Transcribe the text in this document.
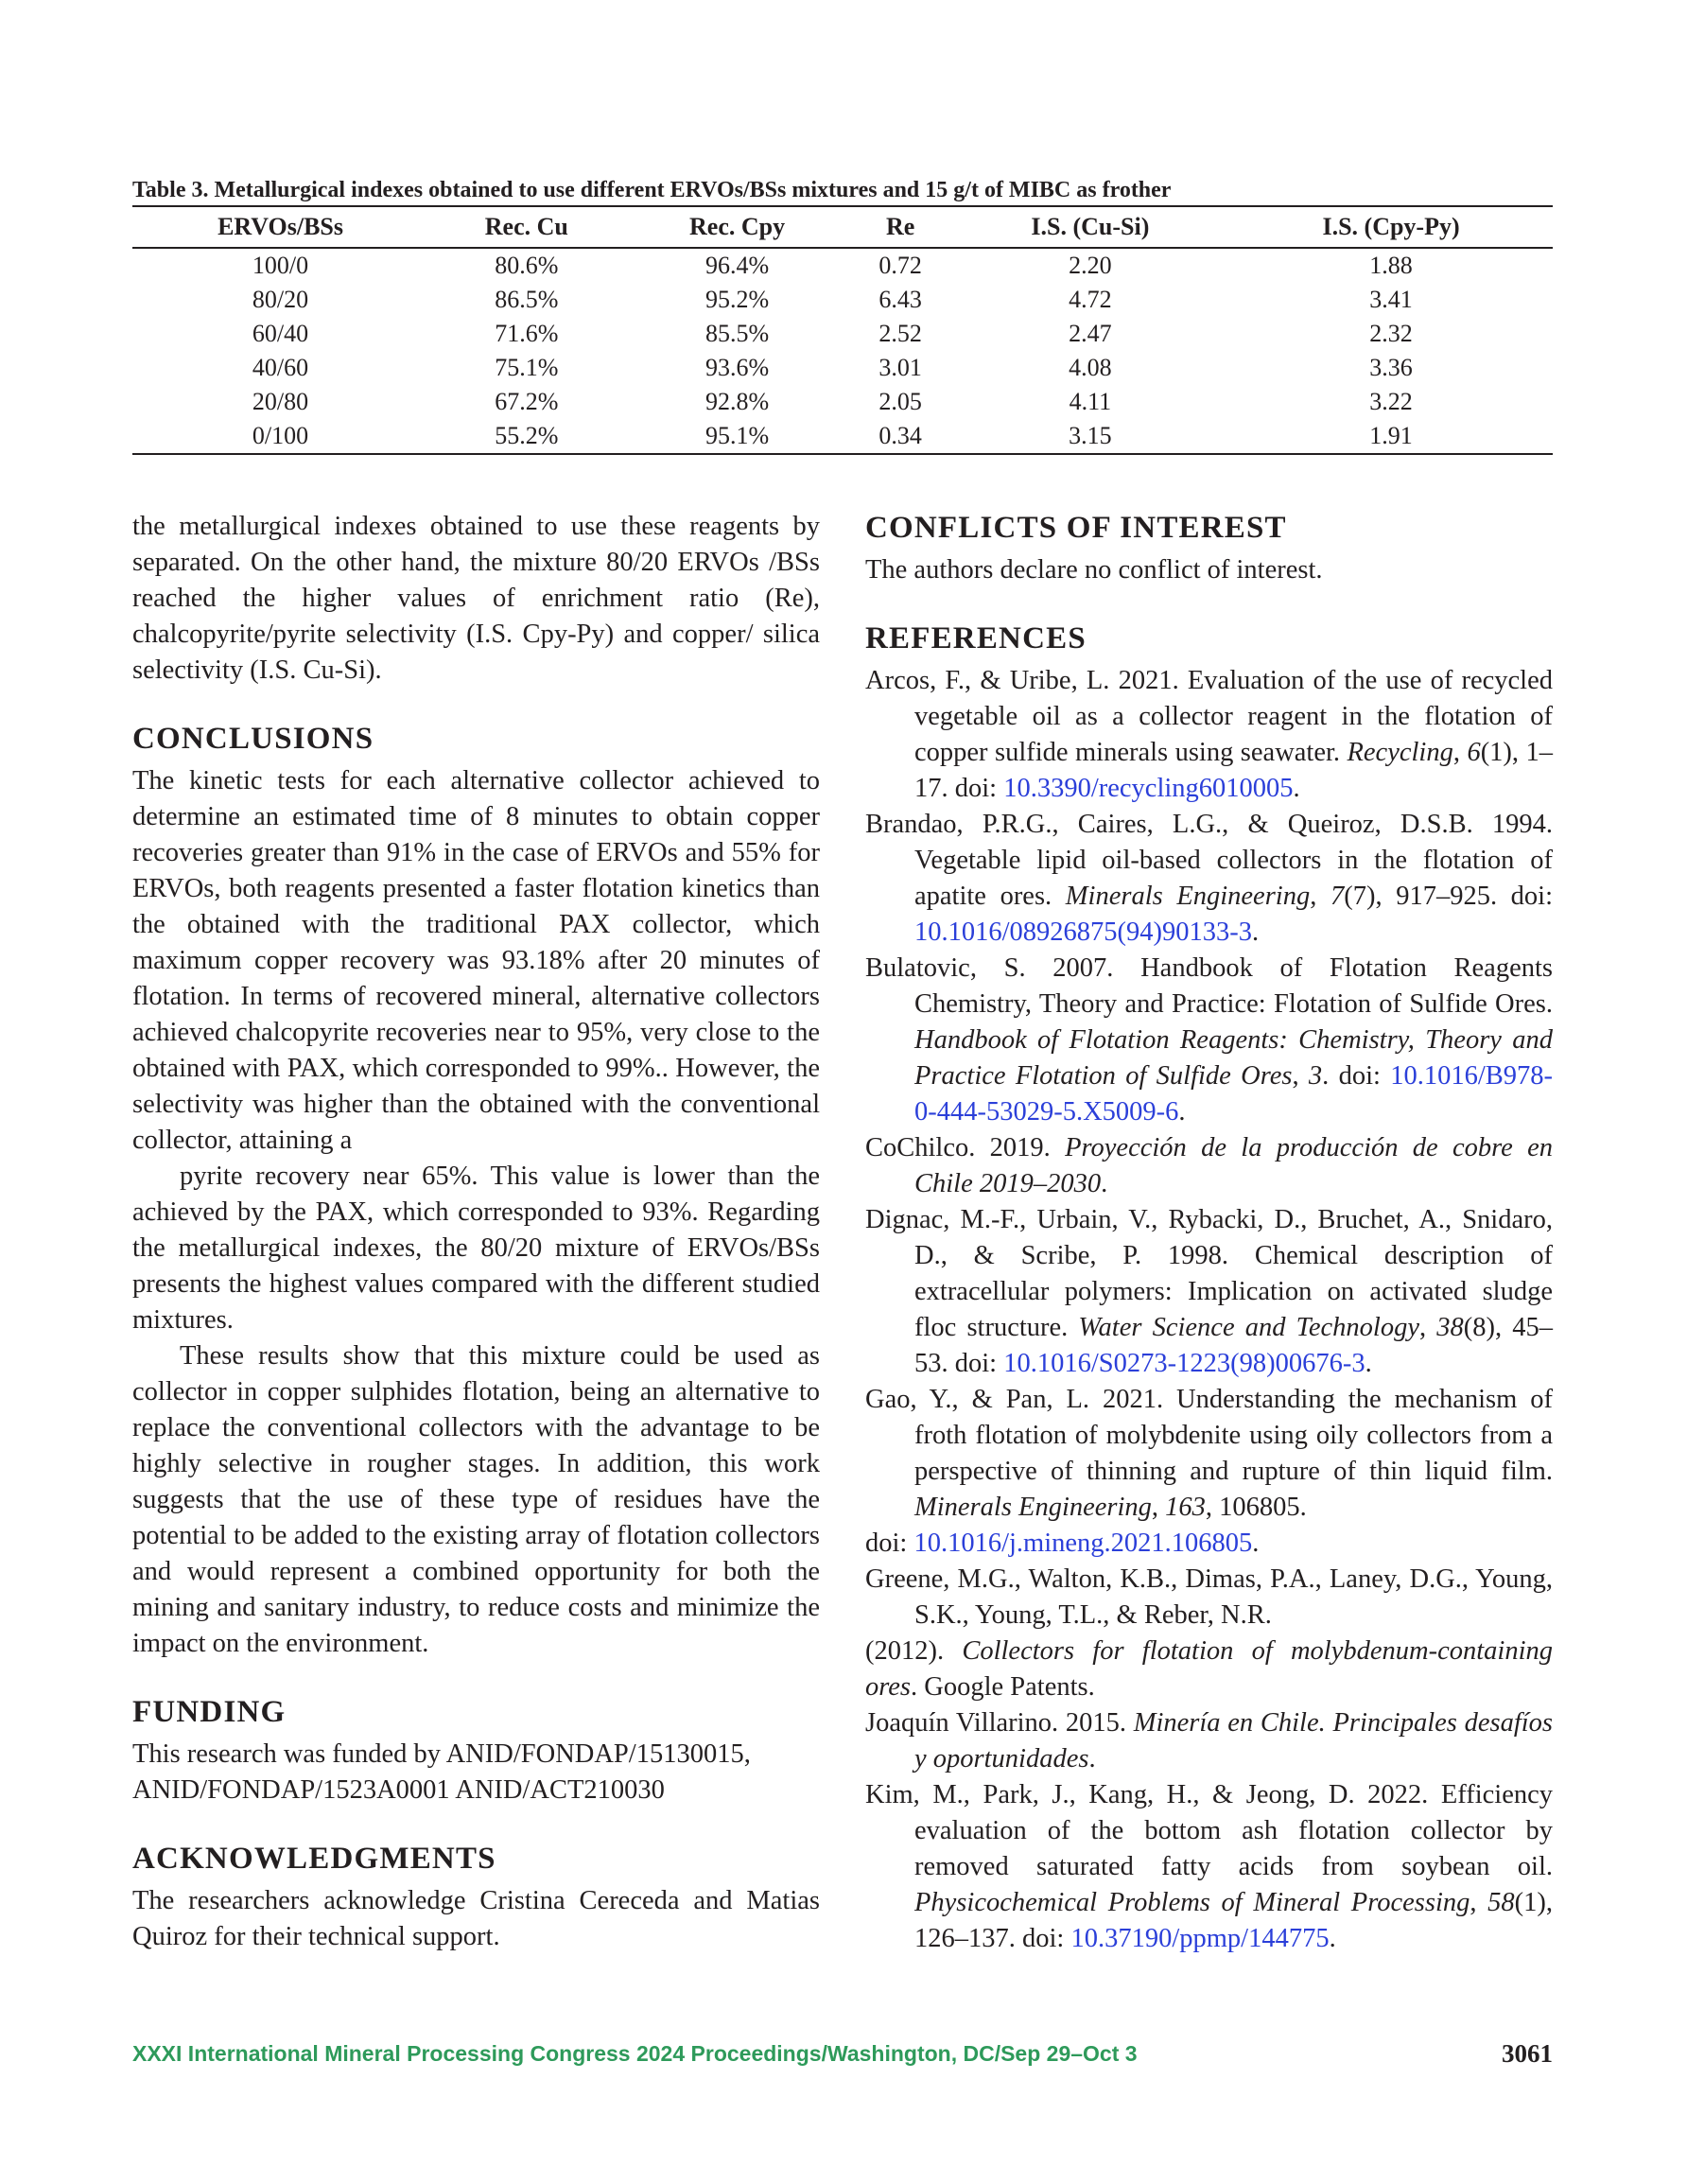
Table 3. Metallurgical indexes obtained to use different ERVOs/BSs mixtures and 15 g/t of MIBC as frother
ERVOs/BSs	Rec. Cu	Rec. Cpy	Re	I.S. (Cu-Si)	I.S. (Cpy-Py)
100/0	80.6%	96.4%	0.72	2.20	1.88
80/20	86.5%	95.2%	6.43	4.72	3.41
60/40	71.6%	85.5%	2.52	2.47	2.32
40/60	75.1%	93.6%	3.01	4.08	3.36
20/80	67.2%	92.8%	2.05	4.11	3.22
0/100	55.2%	95.1%	0.34	3.15	1.91

the metallurgical indexes obtained to use these reagents by separated. On the other hand, the mixture 80/20 ERVOs /BSs reached the higher values of enrichment ratio (Re), chalcopyrite/pyrite selectivity (I.S. Cpy-Py) and copper/ silica selectivity (I.S. Cu-Si).

CONCLUSIONS

The kinetic tests for each alternative collector achieved to determine an estimated time of 8 minutes to obtain copper recoveries greater than 91% in the case of ERVOs and 55% for ERVOs, both reagents presented a faster flotation kinetics than the obtained with the traditional PAX collector, which maximum copper recovery was 93.18% after 20 minutes of flotation. In terms of recovered mineral, alternative collectors achieved chalcopyrite recoveries near to 95%, very close to the obtained with PAX, which corresponded to 99%.. However, the selectivity was higher than the obtained with the conventional collector, attaining a

pyrite recovery near 65%. This value is lower than the achieved by the PAX, which corresponded to 93%. Regarding the metallurgical indexes, the 80/20 mixture of ERVOs/BSs presents the highest values compared with the different studied mixtures.

These results show that this mixture could be used as collector in copper sulphides flotation, being an alternative to replace the conventional collectors with the advantage to be highly selective in rougher stages. In addition, this work suggests that the use of these type of residues have the potential to be added to the existing array of flotation collectors and would represent a combined opportunity for both the mining and sanitary industry, to reduce costs and minimize the impact on the environment.

FUNDING

This research was funded by ANID/FONDAP/15130015, ANID/FONDAP/1523A0001 ANID/ACT210030

ACKNOWLEDGMENTS

The researchers acknowledge Cristina Cereceda and Matias Quiroz for their technical support.

CONFLICTS OF INTEREST

The authors declare no conflict of interest.

REFERENCES

Arcos, F., & Uribe, L. 2021. Evaluation of the use of recycled vegetable oil as a collector reagent in the flotation of copper sulfide minerals using seawater. Recycling, 6(1), 1–17. doi: 10.3390/recycling6010005.

Brandao, P.R.G., Caires, L.G., & Queiroz, D.S.B. 1994. Vegetable lipid oil-based collectors in the flotation of apatite ores. Minerals Engineering, 7(7), 917–925. doi: 10.1016/08926875(94)90133-3.

Bulatovic, S. 2007. Handbook of Flotation Reagents Chemistry, Theory and Practice: Flotation of Sulfide Ores. Handbook of Flotation Reagents: Chemistry, Theory and Practice Flotation of Sulfide Ores, 3. doi: 10.1016/B978-0-444-53029-5.X5009-6.

CoChilco. 2019. Proyección de la producción de cobre en Chile 2019–2030.

Dignac, M.-F., Urbain, V., Rybacki, D., Bruchet, A., Snidaro, D., & Scribe, P. 1998. Chemical description of extracellular polymers: Implication on activated sludge floc structure. Water Science and Technology, 38(8), 45–53. doi: 10.1016/S0273-1223(98)00676-3.

Gao, Y., & Pan, L. 2021. Understanding the mechanism of froth flotation of molybdenite using oily collectors from a perspective of thinning and rupture of thin liquid film. Minerals Engineering, 163, 106805.

doi: 10.1016/j.mineng.2021.106805.

Greene, M.G., Walton, K.B., Dimas, P.A., Laney, D.G., Young, S.K., Young, T.L., & Reber, N.R.

(2012). Collectors for flotation of molybdenum-containing ores. Google Patents.

Joaquín Villarino. 2015. Minería en Chile. Principales desafíos y oportunidades.

Kim, M., Park, J., Kang, H., & Jeong, D. 2022. Efficiency evaluation of the bottom ash flotation collector by removed saturated fatty acids from soybean oil. Physicochemical Problems of Mineral Processing, 58(1), 126–137. doi: 10.37190/ppmp/144775.

XXXI International Mineral Processing Congress 2024 Proceedings/Washington, DC/Sep 29–Oct 3	3061
